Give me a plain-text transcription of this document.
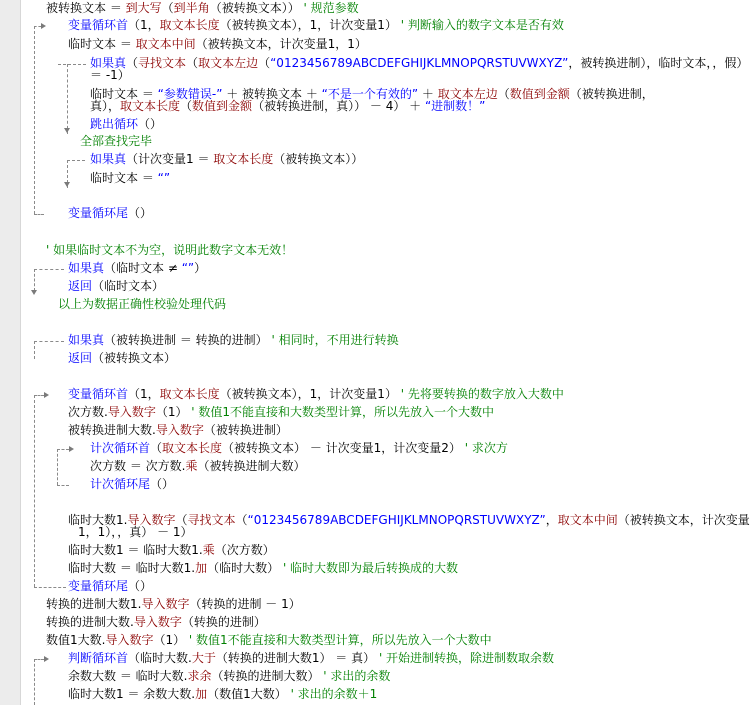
被转换文本 ＝ 到大写（到半角（被转换文本）） ' 规范参数
变量循环首（1，取文本长度（被转换文本），1，计次变量1） ' 判断输入的数字文本是否有效
临时文本 ＝ 取文本中间（被转换文本，计次变量1，1）
如果真（寻找文本（取文本左边（“0123456789ABCDEFGHIJKLMNOPQRSTUVWXYZ”，被转换进制），临时文本，，假）
＝ -1）
临时文本 ＝ “参数错误-” ＋ 被转换文本 ＋ “不是一个有效的” ＋ 取文本左边（数值到金额（被转换进制，
真），取文本长度（数值到金额（被转换进制，真）） － 4） ＋ “进制数！”
跳出循环（）
全部查找完毕
如果真（计次变量1 ＝ 取文本长度（被转换文本））
临时文本 ＝ “”
变量循环尾（）
' 如果临时文本不为空，说明此数字文本无效！
如果真（临时文本 ≠ “”）
返回（临时文本）
以上为数据正确性校验处理代码
如果真（被转换进制 ＝ 转换的进制） ' 相同时，不用进行转换
返回（被转换文本）
变量循环首（1，取文本长度（被转换文本），1，计次变量1） ' 先将要转换的数字放入大数中
次方数.导入数字（1） ' 数值1不能直接和大数类型计算，所以先放入一个大数中
被转换进制大数.导入数字（被转换进制）
计次循环首（取文本长度（被转换文本） － 计次变量1，计次变量2） ' 求次方
次方数 ＝ 次方数.乘（被转换进制大数）
计次循环尾（）
临时大数1.导入数字（寻找文本（“0123456789ABCDEFGHIJKLMNOPQRSTUVWXYZ”，取文本中间（被转换文本，计次变量
1，1），，真） － 1）
临时大数1 ＝ 临时大数1.乘（次方数）
临时大数 ＝ 临时大数1.加（临时大数） ' 临时大数即为最后转换成的大数
变量循环尾（）
转换的进制大数1.导入数字（转换的进制 － 1）
转换的进制大数.导入数字（转换的进制）
数值1大数.导入数字（1） ' 数值1不能直接和大数类型计算，所以先放入一个大数中
判断循环首（临时大数.大于（转换的进制大数1） ＝ 真） ' 开始进制转换，除进制数取余数
余数大数 ＝ 临时大数.求余（转换的进制大数） ' 求出的余数
临时大数1 ＝ 余数大数.加（数值1大数） ' 求出的余数＋1
